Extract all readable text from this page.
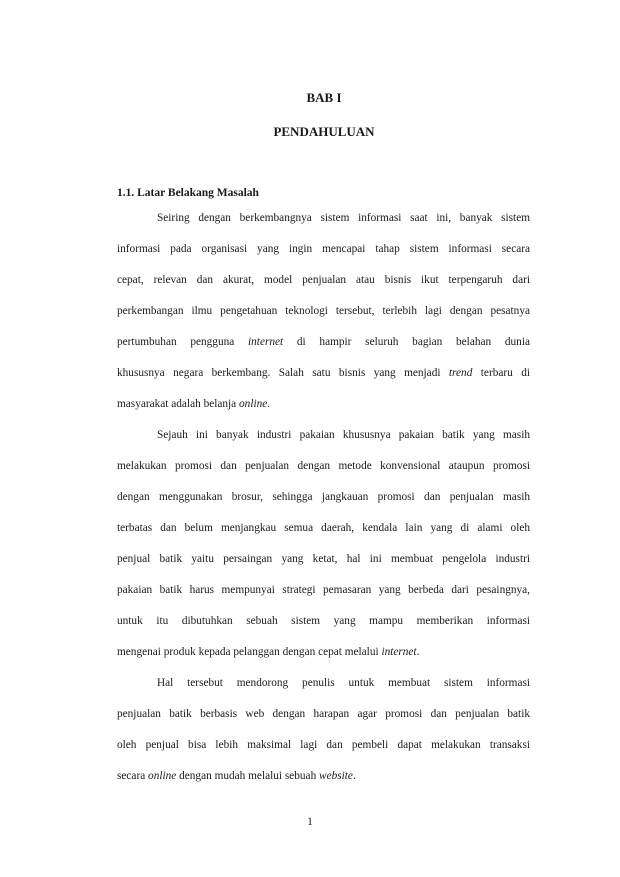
BAB I

PENDAHULUAN

1.1. Latar Belakang Masalah

Seiring dengan berkembangnya sistem informasi saat ini, banyak sistem

informasi pada organisasi yang ingin mencapai tahap sistem informasi secara

cepat, relevan dan akurat, model penjualan atau bisnis ikut terpengaruh dari

perkembangan ilmu pengetahuan teknologi tersebut, terlebih lagi dengan pesatnya

pertumbuhan pengguna internet di hampir seluruh bagian belahan dunia

khususnya negara berkembang. Salah satu bisnis yang menjadi trend terbaru di

masyarakat adalah belanja online.

Sejauh ini banyak industri pakaian khususnya pakaian batik yang masih

melakukan promosi dan penjualan dengan metode konvensional ataupun promosi

dengan menggunakan brosur, sehingga jangkauan promosi dan penjualan masih

terbatas dan belum menjangkau semua daerah, kendala lain yang di alami oleh

penjual batik yaitu persaingan yang ketat, hal ini membuat pengelola industri

pakaian batik harus mempunyai strategi pemasaran yang berbeda dari pesaingnya,

untuk itu dibutuhkan sebuah sistem yang mampu memberikan informasi

mengenai produk kepada pelanggan dengan cepat melalui internet.

Hal tersebut mendorong penulis untuk membuat sistem informasi

penjualan batik berbasis web dengan harapan agar promosi dan penjualan batik

oleh penjual bisa lebih maksimal lagi dan pembeli dapat melakukan transaksi

secara online dengan mudah melalui sebuah website.

1
